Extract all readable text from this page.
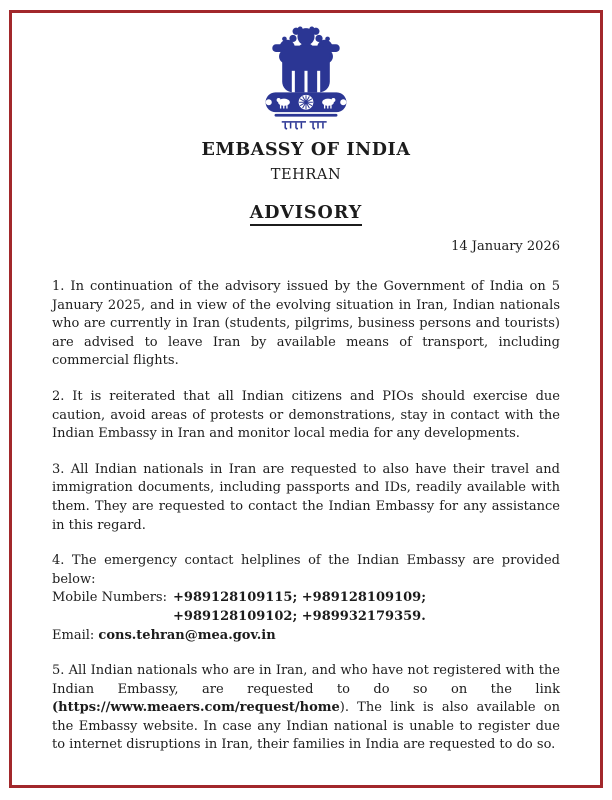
EMBASSY OF INDIA
TEHRAN
ADVISORY
14 January 2026

1. In continuation of the advisory issued by the Government of India on 5 January 2025, and in view of the evolving situation in Iran, Indian nationals who are currently in Iran (students, pilgrims, business persons and tourists) are advised to leave Iran by available means of transport, including commercial flights.

2. It is reiterated that all Indian citizens and PIOs should exercise due caution, avoid areas of protests or demonstrations, stay in contact with the Indian Embassy in Iran and monitor local media for any developments.

3. All Indian nationals in Iran are requested to also have their travel and immigration documents, including passports and IDs, readily available with them. They are requested to contact the Indian Embassy for any assistance in this regard.

4. The emergency contact helplines of the Indian Embassy are provided below:
Mobile Numbers: +989128109115; +989128109109;
+989128109102; +989932179359.
Email: cons.tehran@mea.gov.in

5. All Indian nationals who are in Iran, and who have not registered with the Indian Embassy, are requested to do so on the link (https://www.meaers.com/request/home). The link is also available on the Embassy website. In case any Indian national is unable to register due to internet disruptions in Iran, their families in India are requested to do so.
